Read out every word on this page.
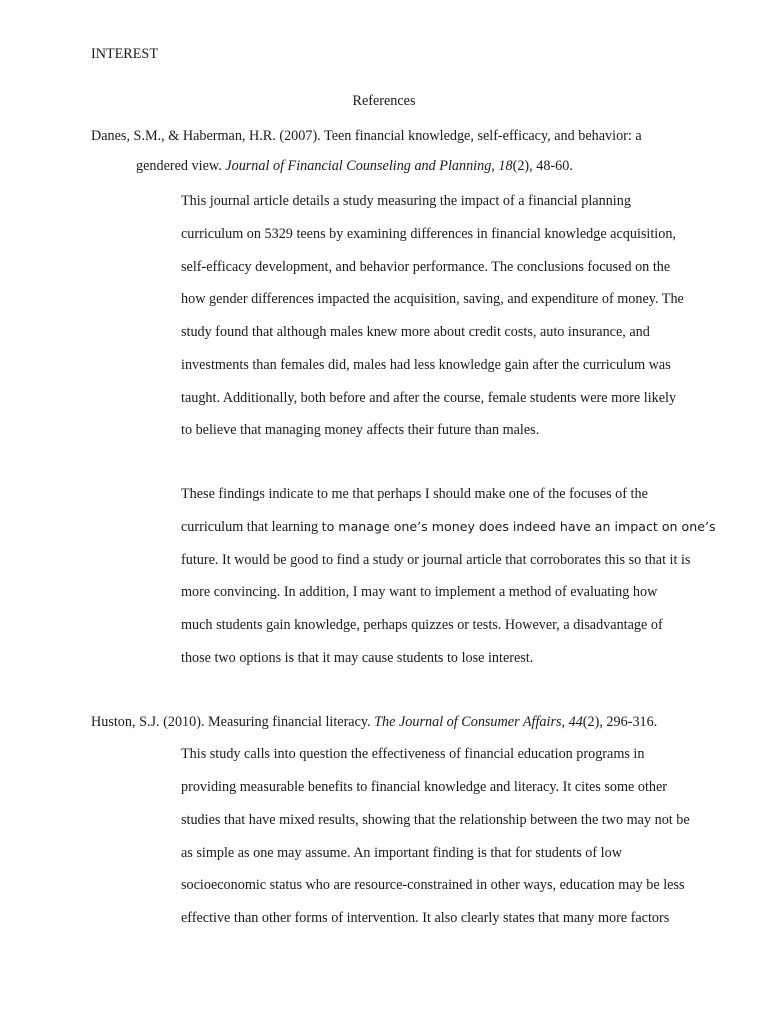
INTEREST
References
Danes, S.M., & Haberman, H.R. (2007). Teen financial knowledge, self-efficacy, and behavior: a
gendered view. Journal of Financial Counseling and Planning, 18(2), 48-60.
This journal article details a study measuring the impact of a financial planning
curriculum on 5329 teens by examining differences in financial knowledge acquisition,
self-efficacy development, and behavior performance. The conclusions focused on the
how gender differences impacted the acquisition, saving, and expenditure of money. The
study found that although males knew more about credit costs, auto insurance, and
investments than females did, males had less knowledge gain after the curriculum was
taught. Additionally, both before and after the course, female students were more likely
to believe that managing money affects their future than males.
These findings indicate to me that perhaps I should make one of the focuses of the
curriculum that learning to manage one’s money does indeed have an impact on one’s
future. It would be good to find a study or journal article that corroborates this so that it is
more convincing. In addition, I may want to implement a method of evaluating how
much students gain knowledge, perhaps quizzes or tests. However, a disadvantage of
those two options is that it may cause students to lose interest.
Huston, S.J. (2010). Measuring financial literacy. The Journal of Consumer Affairs, 44(2), 296-316.
This study calls into question the effectiveness of financial education programs in
providing measurable benefits to financial knowledge and literacy. It cites some other
studies that have mixed results, showing that the relationship between the two may not be
as simple as one may assume. An important finding is that for students of low
socioeconomic status who are resource-constrained in other ways, education may be less
effective than other forms of intervention. It also clearly states that many more factors
